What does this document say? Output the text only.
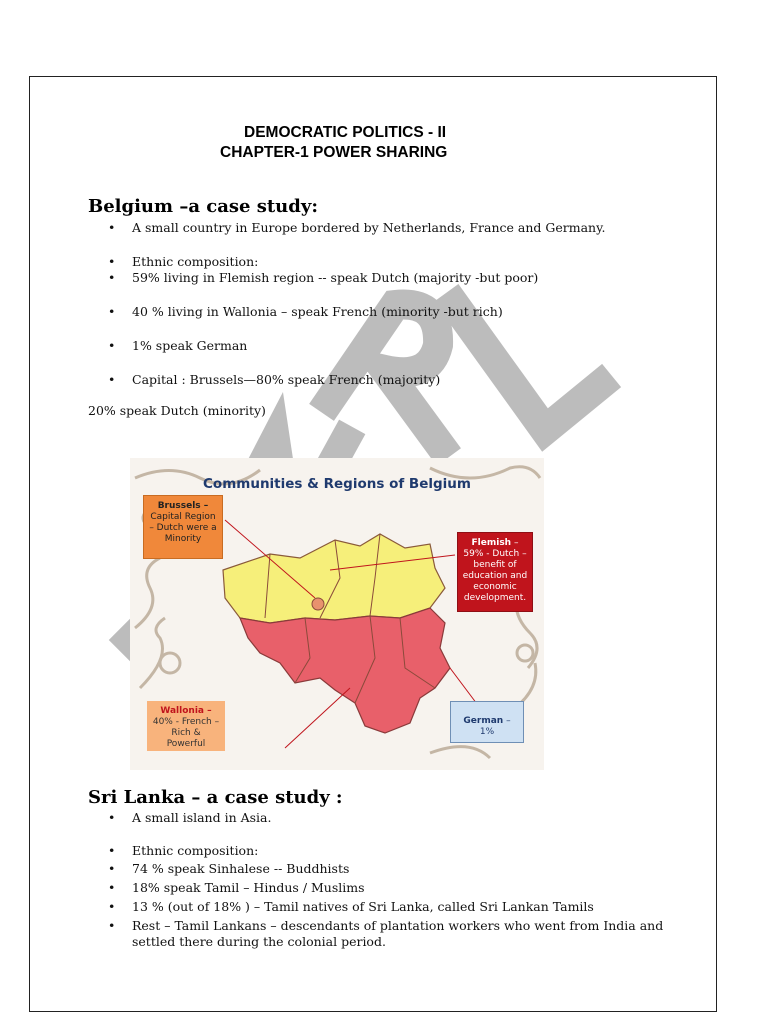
DEMOCRATIC POLITICS - II
CHAPTER-1 POWER SHARING
Belgium –a case study:
• A small country in Europe bordered by Netherlands, France and Germany.
• Ethnic composition:
• 59% living in Flemish region -- speak Dutch (majority -but poor)
• 40 % living in Wallonia – speak French (minority -but rich)
• 1% speak German
• Capital : Brussels—80% speak French (majority)
20% speak Dutch (minority)
Communities & Regions of Belgium
Brussels –
Capital Region – Dutch were a Minority	Flemish – 59% - Dutch – benefit of education and economic development.
Wallonia –
40% - French – Rich & Powerful
German – 1%
Sri Lanka – a case study :
• A small island in Asia.
• Ethnic composition:
• 74 % speak Sinhalese -- Buddhists
• 18% speak Tamil – Hindus / Muslims
• 13 % (out of 18% ) – Tamil natives of Sri Lanka, called Sri Lankan Tamils
• Rest – Tamil Lankans – descendants of plantation workers who went from India and settled there during the colonial period.
